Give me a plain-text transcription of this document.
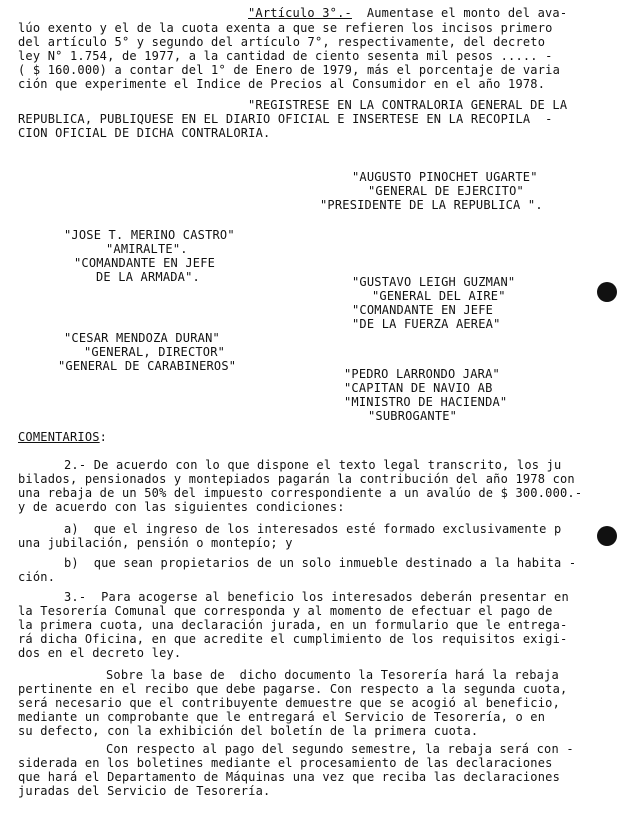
"Artículo 3°.- Aumentase el monto del ava-
lúo exento y el de la cuota exenta a que se refieren los incisos primero
del artículo 5° y segundo del artículo 7°, respectivamente, del decreto
ley N° 1.754, de 1977, a la cantidad de ciento sesenta mil pesos ..... -
( $ 160.000) a contar del 1° de Enero de 1979, más el porcentaje de varia
ción que experimente el Indice de Precios al Consumidor en el año 1978.
"REGISTRESE EN LA CONTRALORIA GENERAL DE LA
REPUBLICA, PUBLIQUESE EN EL DIARIO OFICIAL E INSERTESE EN LA RECOPILA  -
CION OFICIAL DE DICHA CONTRALORIA.
"AUGUSTO PINOCHET UGARTE"
"GENERAL DE EJERCITO"
"PRESIDENTE DE LA REPUBLICA ".
"JOSE T. MERINO CASTRO"
"AMIRALTE".
"COMANDANTE EN JEFE
DE LA ARMADA".	"GUSTAVO LEIGH GUZMAN"
"GENERAL DEL AIRE"
"COMANDANTE EN JEFE
"DE LA FUERZA AEREA"
"CESAR MENDOZA DURAN"
"GENERAL, DIRECTOR"
"GENERAL DE CARABINEROS"
"PEDRO LARRONDO JARA"
"CAPITAN DE NAVIO AB
"MINISTRO DE HACIENDA"
"SUBROGANTE"
COMENTARIOS:
2.- De acuerdo con lo que dispone el texto legal transcrito, los ju
bilados, pensionados y montepiados pagarán la contribución del año 1978 con
una rebaja de un 50% del impuesto correspondiente a un avalúo de $ 300.000.-
y de acuerdo con las siguientes condiciones:
a)  que el ingreso de los interesados esté formado exclusivamente p
una jubilación, pensión o montepío; y
b)  que sean propietarios de un solo inmueble destinado a la habita -
ción.
3.-  Para acogerse al beneficio los interesados deberán presentar en
la Tesorería Comunal que corresponda y al momento de efectuar el pago de
la primera cuota, una declaración jurada, en un formulario que le entrega-
rá dicha Oficina, en que acredite el cumplimiento de los requisitos exigi-
dos en el decreto ley.
Sobre la base de  dicho documento la Tesorería hará la rebaja
pertinente en el recibo que debe pagarse. Con respecto a la segunda cuota,
será necesario que el contribuyente demuestre que se acogió al beneficio,
mediante un comprobante que le entregará el Servicio de Tesorería, o en
su defecto, con la exhibición del boletín de la primera cuota.
Con respecto al pago del segundo semestre, la rebaja será con -
siderada en los boletines mediante el procesamiento de las declaraciones
que hará el Departamento de Máquinas una vez que reciba las declaraciones
juradas del Servicio de Tesorería.
